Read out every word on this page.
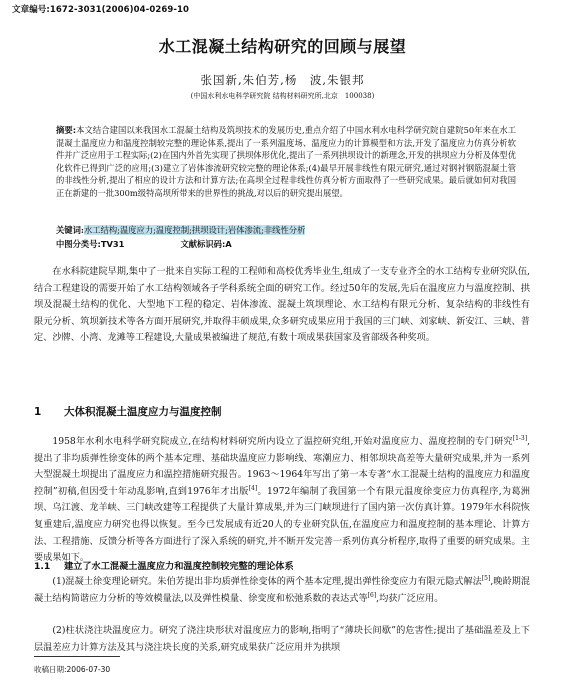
文章编号:1672-3031(2006)04-0269-10
水工混凝土结构研究的回顾与展望
张国新,朱伯芳,杨　波,朱银邦
(中国水利水电科学研究院 结构材料研究所,北京　100038)
摘要:本文结合建国以来我国水工混凝土结构及筑坝技术的发展历史,重点介绍了中国水利水电科学研究院自建院50年来在水工混凝土温度应力和温度控制较完整的理论体系,提出了一系列温度场、温度应力的计算模型和方法,开发了温度应力仿真分析软件并广泛应用于工程实际;(2)在国内外首先实现了拱坝体形优化,提出了一系列拱坝设计的新理念,开发的拱坝应力分析及体型优化软件已得到广泛的应用;(3)建立了岩体渗流研究较完整的理论体系;(4)最早开展非线性有限元研究,通过对钢衬钢筋混凝土管的非线性分析,提出了相应的设计方法和计算方法;在高坝全过程非线性仿真分析方面取得了一些研究成果。最后就如何对我国正在新建的一批300m级特高坝所带来的世界性的挑战,对以后的研究提出展望。
关键词:水工结构;温度应力;温度控制;拱坝设计;岩体渗流;非线性分析
中图分类号:TV31	文献标识码:A
在水科院建院早期,集中了一批来自实际工程的工程师和高校优秀毕业生,组成了一支专业齐全的水工结构专业研究队伍,结合工程建设的需要开始了水工结构领域各子学科系统全面的研究工作。经过50年的发展,先后在温度应力与温度控制、拱坝及混凝土结构的优化、大型地下工程的稳定、岩体渗流、混凝土筑坝理论、水工结构有限元分析、复杂结构的非线性有限元分析、筑坝新技术等各方面开展研究,并取得丰硕成果,众多研究成果应用于我国的三门峡、刘家峡、新安江、三峡、普定、沙牌、小湾、龙滩等工程建设,大量成果被编进了规范,有数十项成果获国家及省部级各种奖项。
1 大体积混凝土温度应力与温度控制
1958年水利水电科学研究院成立,在结构材料研究所内设立了温控研究组,开始对温度应力、温度控制的专门研究[1-3],提出了非均质弹性徐变体的两个基本定理、基础块温度应力影响线、寒潮应力、相邻坝块高差等大量研究成果,并为一系列大型混凝土坝提出了温度应力和温控措施研究报告。1963～1964年写出了第一本专著“水工混凝土结构的温度应力和温度控制”初稿,但因受十年动乱影响,直到1976年才出版[4]。1972年编制了我国第一个有限元温度徐变应力仿真程序,为葛洲坝、乌江渡、龙羊峡、三门峡改建等工程提供了大量计算成果,并为三门峡坝进行了国内第一次仿真计算。1979年水科院恢复重建后,温度应力研究也得以恢复。至今已发展成有近20人的专业研究队伍,在温度应力和温度控制的基本理论、计算方法、工程措施、反馈分析等各方面进行了深入系统的研究,并不断开发完善一系列仿真分析程序,取得了重要的研究成果。主要成果如下。
1.1 建立了水工混凝土温度应力和温度控制较完整的理论体系
(1)混凝土徐变理论研究。朱伯芳提出非均质弹性徐变体的两个基本定理,提出弹性徐变应力有限元隐式解法[5],晚龄期混凝土结构简谐应力分析的等效模量法,以及弹性模量、徐变度和松弛系数的表达式等[6],均获广泛应用。
(2)柱状浇注块温度应力。研究了浇注块形状对温度应力的影响,指明了“薄块长间歇”的危害性;提出了基础温差及上下层温差应力计算方法及其与浇注块长度的关系,研究成果获广泛应用并为拱坝
收稿日期:2006-07-30
